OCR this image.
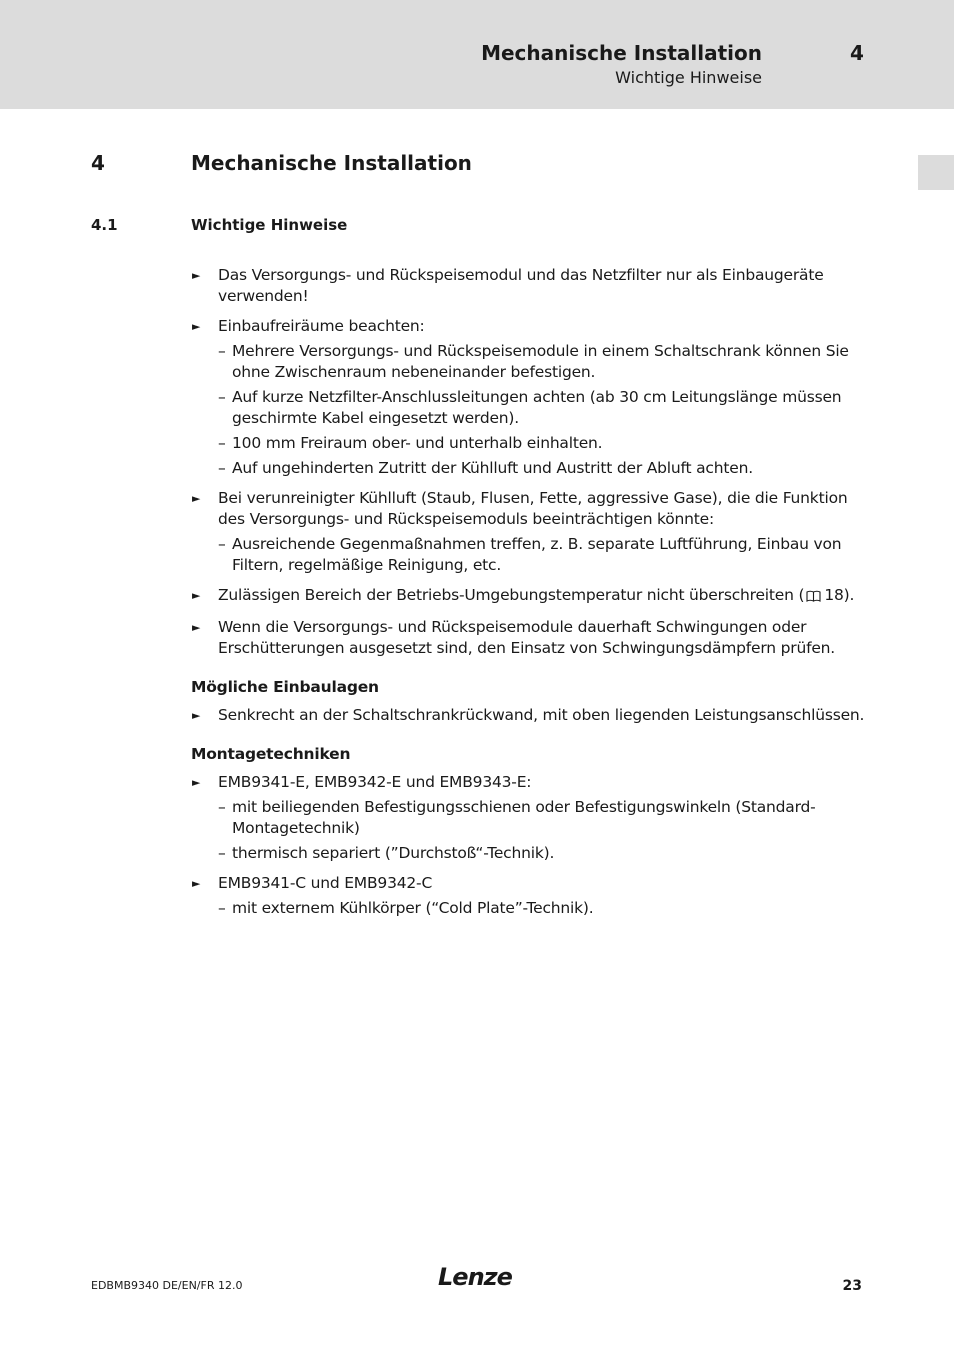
Mechanische Installation	4
Wichtige Hinweise
4	Mechanische Installation
4.1	Wichtige Hinweise
► Das Versorgungs- und Rückspeisemodul und das Netzfilter nur als Einbaugeräte verwenden!
► Einbaufreiräume beachten:
– Mehrere Versorgungs- und Rückspeisemodule in einem Schaltschrank können Sie ohne Zwischenraum nebeneinander befestigen.
– Auf kurze Netzfilter-Anschlussleitungen achten (ab 30 cm Leitungslänge müssen geschirmte Kabel eingesetzt werden).
– 100 mm Freiraum ober- und unterhalb einhalten.
– Auf ungehinderten Zutritt der Kühlluft und Austritt der Abluft achten.
► Bei verunreinigter Kühlluft (Staub, Flusen, Fette, aggressive Gase), die die Funktion des Versorgungs- und Rückspeisemoduls beeinträchtigen könnte:
– Ausreichende Gegenmaßnahmen treffen, z. B. separate Luftführung, Einbau von Filtern, regelmäßige Reinigung, etc.
► Zulässigen Bereich der Betriebs-Umgebungstemperatur nicht überschreiten ( 18).
► Wenn die Versorgungs- und Rückspeisemodule dauerhaft Schwingungen oder Erschütterungen ausgesetzt sind, den Einsatz von Schwingungsdämpfern prüfen.
Mögliche Einbaulagen
► Senkrecht an der Schaltschrankrückwand, mit oben liegenden Leistungsanschlüssen.
Montagetechniken
► EMB9341-E, EMB9342-E und EMB9343-E:
– mit beiliegenden Befestigungsschienen oder Befestigungswinkeln (Standard-Montagetechnik)
– thermisch separiert (”Durchstoß“-Technik).
► EMB9341-C und EMB9342-C
– mit externem Kühlkörper (“Cold Plate”-Technik).
EDBMB9340 DE/EN/FR 12.0	Lenze	23
